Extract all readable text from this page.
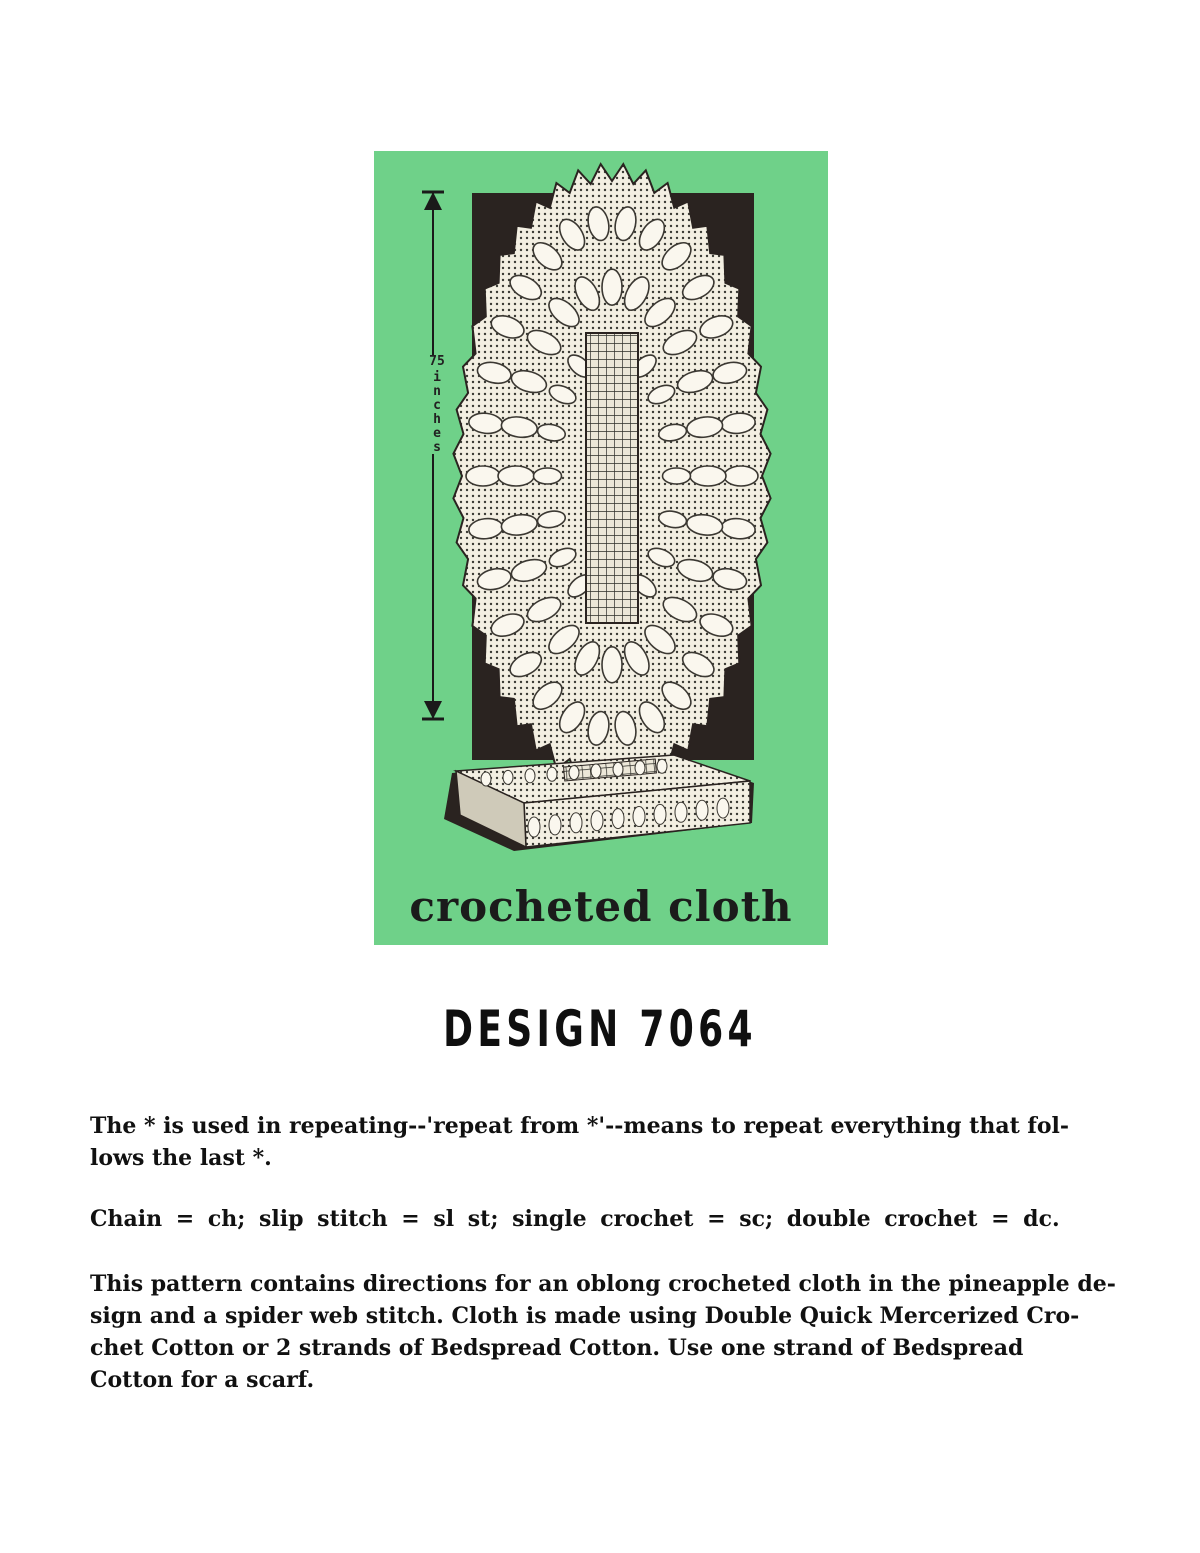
75
inches
crocheted cloth
DESIGN 7064

The * is used in repeating--'repeat from *'--means to repeat everything that fol-
lows the last *.

Chain = ch; slip stitch = sl st; single crochet = sc; double crochet = dc.

This pattern contains directions for an oblong crocheted cloth in the pineapple de-
sign and a spider web stitch. Cloth is made using Double Quick Mercerized Cro-
chet Cotton or 2 strands of Bedspread Cotton. Use one strand of Bedspread
Cotton for a scarf.
